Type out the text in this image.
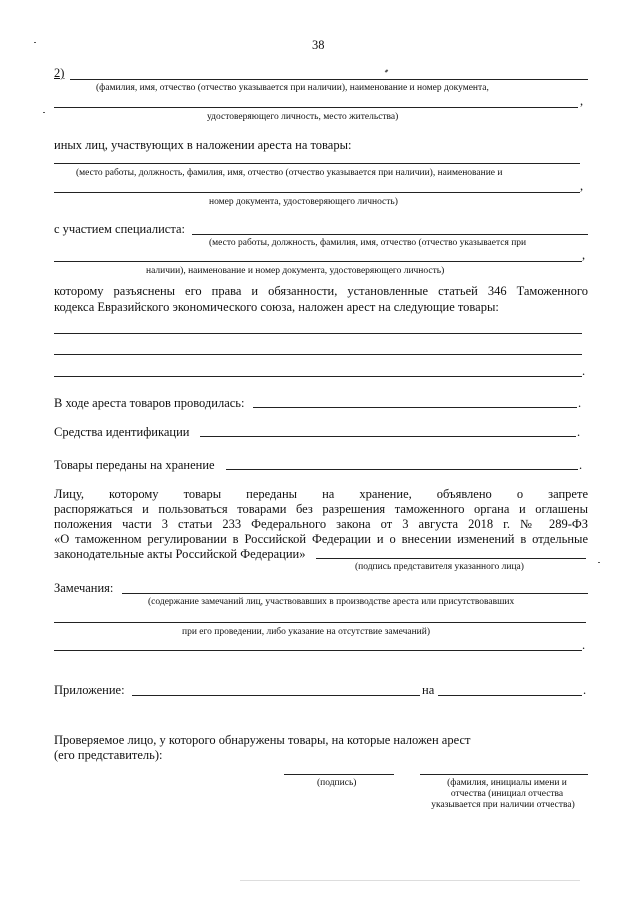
38
2)
(фамилия, имя, отчество (отчество указывается при наличии), наименование и номер документа,
,
удостоверяющего личность, место жительства)
иных лиц, участвующих в наложении ареста на товары:
(место работы, должность, фамилия, имя, отчество (отчество указывается при наличии), наименование и
,
номер документа, удостоверяющего личность)
с участием специалиста:
(место работы, должность, фамилия, имя, отчество (отчество указывается при
,
наличии), наименование и номер документа, удостоверяющего личность)
которому разъяснены его права и обязанности, установленные статьей 346 Таможенного
кодекса Евразийского экономического союза, наложен арест на следующие товары:
.
В ходе ареста товаров проводилась:	.
Средства идентификации	.
Товары переданы на хранение	.
Лицу, которому товары переданы на хранение, объявлено о запрете
распоряжаться и пользоваться товарами без разрешения таможенного органа и оглашены
положения части 3 статьи 233 Федерального закона от 3 августа 2018 г. № 289-ФЗ
«О таможенном регулировании в Российской Федерации и о внесении изменений в отдельные
законодательные акты Российской Федерации»
(подпись представителя указанного лица)
Замечания:
(содержание замечаний лиц, участвовавших в производстве ареста или присутствовавших
при его проведении, либо указание на отсутствие замечаний)
.
Приложение:	на	.
Проверяемое лицо, у которого обнаружены товары, на которые наложен арест
(его представитель):
(подпись)	(фамилия, инициалы имени и
отчества (инициал отчества
указывается при наличии отчества)
